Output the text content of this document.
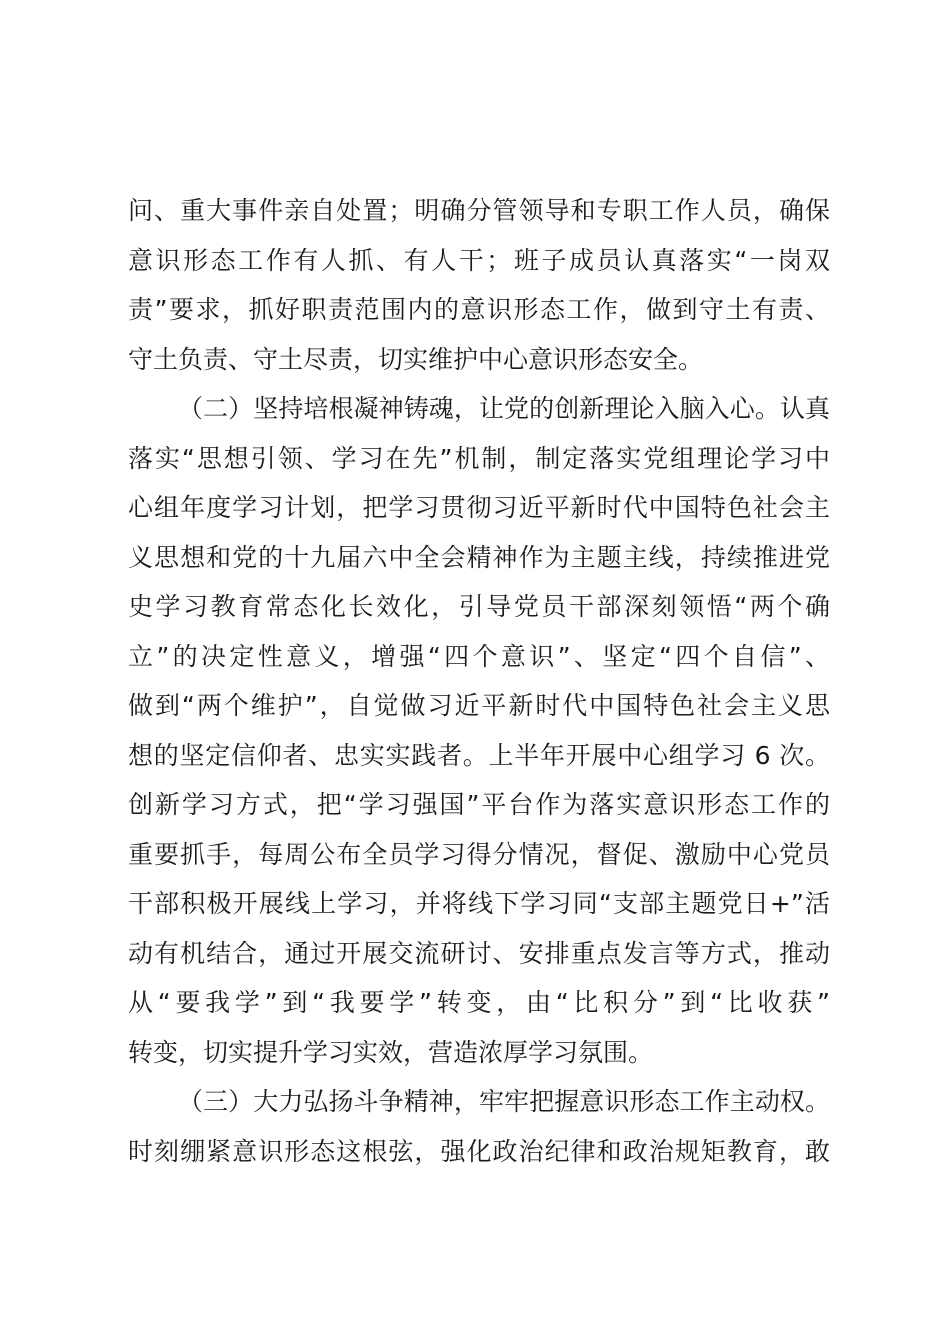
问、重大事件亲自处置；明确分管领导和专职工作人员，确保
意识形态工作有人抓、有人干；班子成员认真落实“一岗双
责”要求，抓好职责范围内的意识形态工作，做到守土有责、
守土负责、守土尽责，切实维护中心意识形态安全。
（二）坚持培根凝神铸魂，让党的创新理论入脑入心。认真
落实“思想引领、学习在先”机制，制定落实党组理论学习中
心组年度学习计划，把学习贯彻习近平新时代中国特色社会主
义思想和党的十九届六中全会精神作为主题主线，持续推进党
史学习教育常态化长效化，引导党员干部深刻领悟“两个确
立”的决定性意义，增强“四个意识”、坚定“四个自信”、
做到“两个维护”，自觉做习近平新时代中国特色社会主义思
想的坚定信仰者、忠实实践者。上半年开展中心组学习 6 次。
创新学习方式，把“学习强国”平台作为落实意识形态工作的
重要抓手，每周公布全员学习得分情况，督促、激励中心党员
干部积极开展线上学习，并将线下学习同“支部主题党日+”活
动有机结合，通过开展交流研讨、安排重点发言等方式，推动
从“要我学”到“我要学”转变，由“比积分”到“比收获”
转变，切实提升学习实效，营造浓厚学习氛围。
（三）大力弘扬斗争精神，牢牢把握意识形态工作主动权。
时刻绷紧意识形态这根弦，强化政治纪律和政治规矩教育，敢
